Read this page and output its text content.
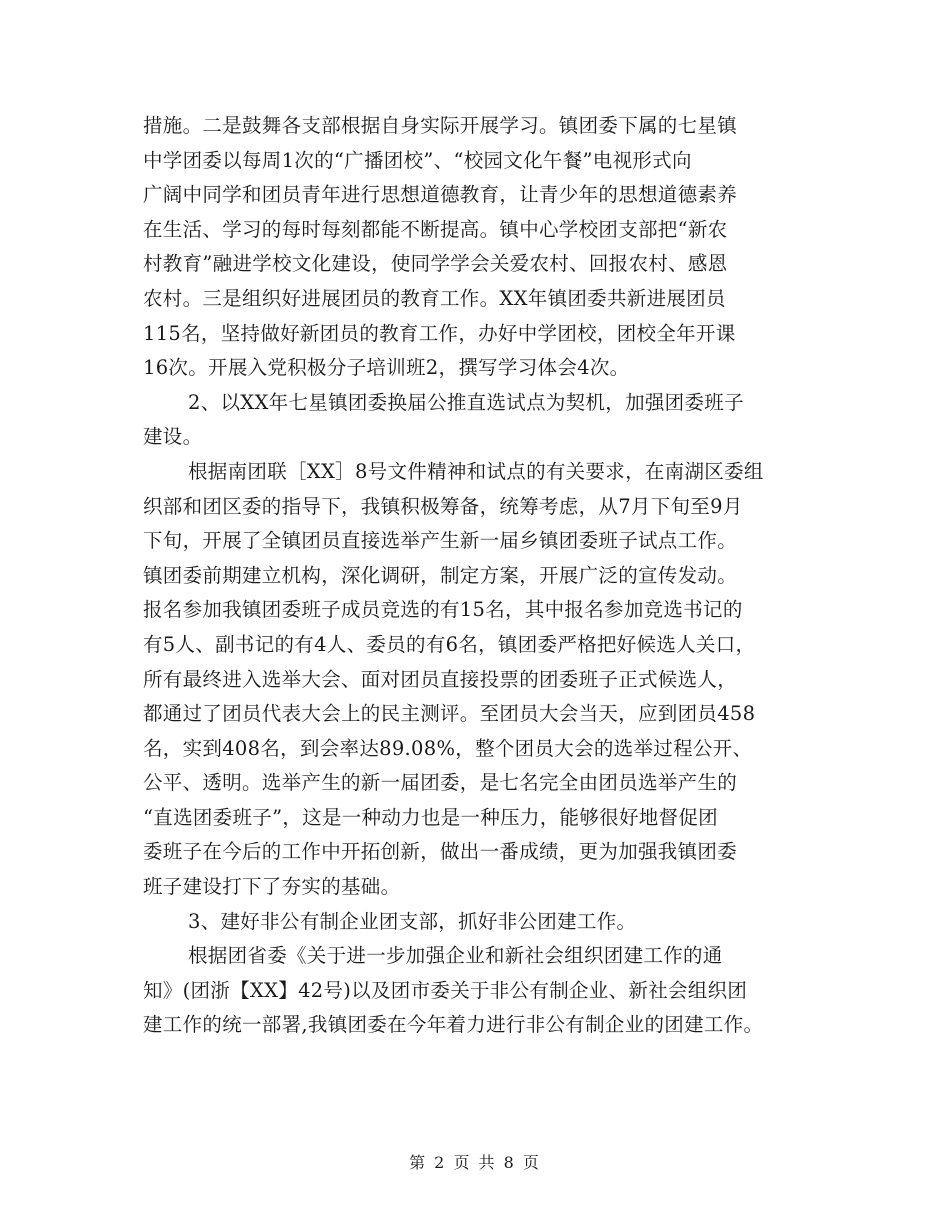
措施。二是鼓舞各支部根据自身实际开展学习。镇团委下属的七星镇
中学团委以每周1次的“广播团校”、“校园文化午餐”电视形式向
广阔中同学和团员青年进行思想道德教育，让青少年的思想道德素养
在生活、学习的每时每刻都能不断提高。镇中心学校团支部把“新农
村教育”融进学校文化建设，使同学学会关爱农村、回报农村、感恩
农村。三是组织好进展团员的教育工作。XX年镇团委共新进展团员
115名，坚持做好新团员的教育工作，办好中学团校，团校全年开课
16次。开展入党积极分子培训班2，撰写学习体会4次。
2、以XX年七星镇团委换届公推直选试点为契机，加强团委班子
建设。
根据南团联［XX］8号文件精神和试点的有关要求，在南湖区委组
织部和团区委的指导下，我镇积极筹备，统筹考虑，从7月下旬至9月
下旬，开展了全镇团员直接选举产生新一届乡镇团委班子试点工作。
镇团委前期建立机构，深化调研，制定方案，开展广泛的宣传发动。
报名参加我镇团委班子成员竞选的有15名，其中报名参加竞选书记的
有5人、副书记的有4人、委员的有6名，镇团委严格把好候选人关口，
所有最终进入选举大会、面对团员直接投票的团委班子正式候选人，
都通过了团员代表大会上的民主测评。至团员大会当天，应到团员458
名，实到408名，到会率达89.08%，整个团员大会的选举过程公开、
公平、透明。选举产生的新一届团委，是七名完全由团员选举产生的
“直选团委班子”，这是一种动力也是一种压力，能够很好地督促团
委班子在今后的工作中开拓创新，做出一番成绩，更为加强我镇团委
班子建设打下了夯实的基础。
3、建好非公有制企业团支部，抓好非公团建工作。
根据团省委《关于进一步加强企业和新社会组织团建工作的通
知》(团浙【XX】42号)以及团市委关于非公有制企业、新社会组织团
建工作的统一部署,我镇团委在今年着力进行非公有制企业的团建工作。
第 2 页 共 8 页
